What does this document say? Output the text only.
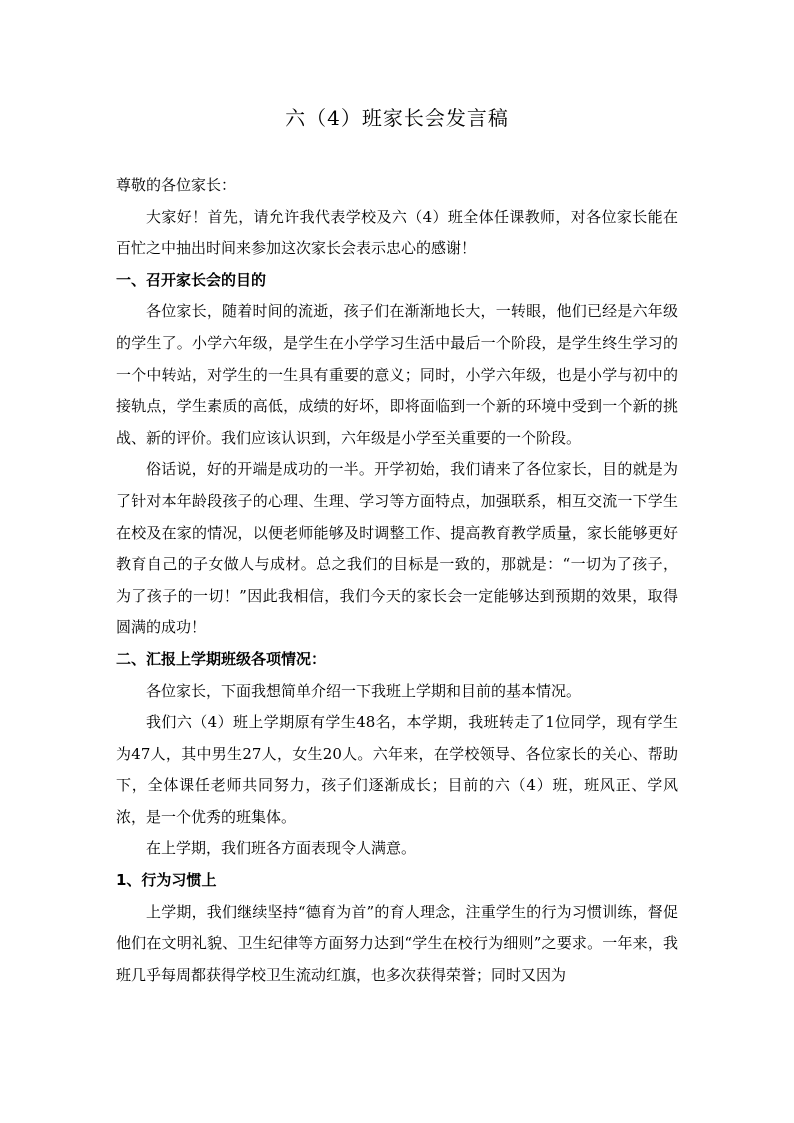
六（4）班家长会发言稿

尊敬的各位家长：

大家好！首先，请允许我代表学校及六（4）班全体任课教师，对各位家长能在百忙之中抽出时间来参加这次家长会表示忠心的感谢！

一、召开家长会的目的

各位家长，随着时间的流逝，孩子们在渐渐地长大，一转眼，他们已经是六年级的学生了。小学六年级，是学生在小学学习生活中最后一个阶段，是学生终生学习的一个中转站，对学生的一生具有重要的意义；同时，小学六年级，也是小学与初中的接轨点，学生素质的高低，成绩的好坏，即将面临到一个新的环境中受到一个新的挑战、新的评价。我们应该认识到，六年级是小学至关重要的一个阶段。

俗话说，好的开端是成功的一半。开学初始，我们请来了各位家长，目的就是为了针对本年龄段孩子的心理、生理、学习等方面特点，加强联系，相互交流一下学生在校及在家的情况，以便老师能够及时调整工作、提高教育教学质量，家长能够更好教育自己的子女做人与成材。总之我们的目标是一致的，那就是：“一切为了孩子，为了孩子的一切！”因此我相信，我们今天的家长会一定能够达到预期的效果，取得圆满的成功！

二、汇报上学期班级各项情况：

各位家长，下面我想简单介绍一下我班上学期和目前的基本情况。

我们六（4）班上学期原有学生48名，本学期，我班转走了1位同学，现有学生为47人，其中男生27人，女生20人。六年来，在学校领导、各位家长的关心、帮助下，全体课任老师共同努力，孩子们逐渐成长；目前的六（4）班，班风正、学风浓，是一个优秀的班集体。

在上学期，我们班各方面表现令人满意。

1、行为习惯上

上学期，我们继续坚持“德育为首”的育人理念，注重学生的行为习惯训练，督促他们在文明礼貌、卫生纪律等方面努力达到“学生在校行为细则”之要求。一年来，我班几乎每周都获得学校卫生流动红旗，也多次获得荣誉；同时又因为
